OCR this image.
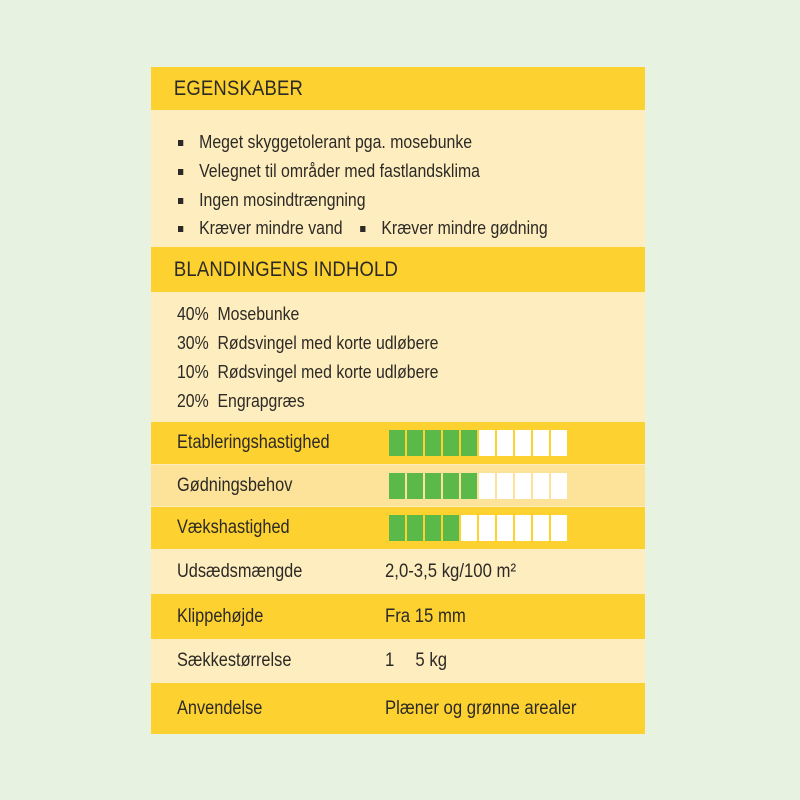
EGENSKABER
Meget skyggetolerant pga. mosebunke
Velegnet til områder med fastlandsklima
Ingen mosindtrængning
Kræver mindre vand Kræver mindre gødning
BLANDINGENS INDHOLD
40% Mosebunke
30% Rødsvingel med korte udløbere
10% Rødsvingel med korte udløbere
20% Engrapgræs
Etableringshastighed
Gødningsbehov
Vækshastighed
Udsædsmængde	2,0-3,5 kg/100 m²
Klippehøjde	Fra 15 mm
Sækkestørrelse	1 5 kg
Anvendelse	Plæner og grønne arealer
